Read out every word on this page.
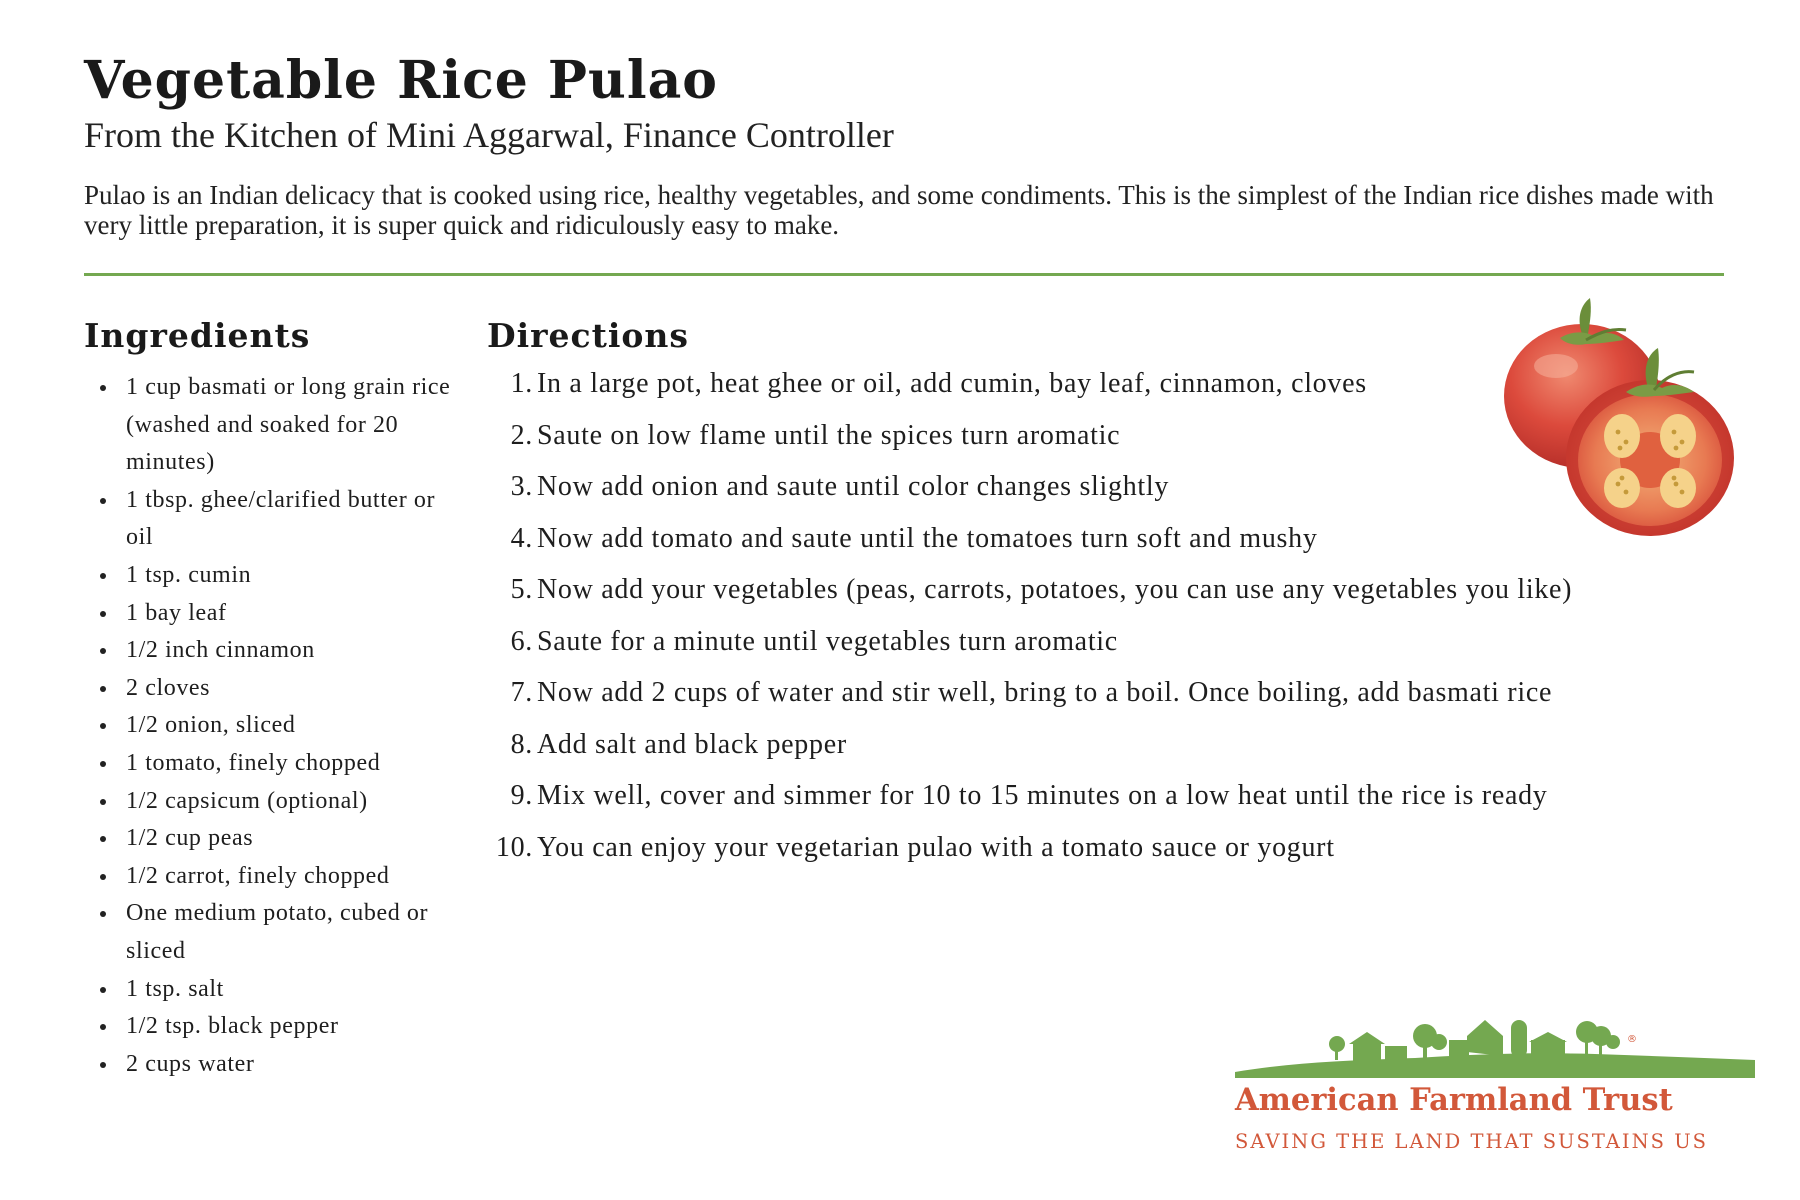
Vegetable Rice Pulao

From the Kitchen of Mini Aggarwal, Finance Controller

Pulao is an Indian delicacy that is cooked using rice, healthy vegetables, and some condiments. This is the simplest of the Indian rice dishes made with very little preparation, it is super quick and ridiculously easy to make.

Ingredients
1 cup basmati or long grain rice (washed and soaked for 20 minutes)
1 tbsp. ghee/clarified butter or oil
1 tsp. cumin
1 bay leaf
1/2 inch cinnamon
2 cloves
1/2 onion, sliced
1 tomato, finely chopped
1/2 capsicum (optional)
1/2 cup peas
1/2 carrot, finely chopped
One medium potato, cubed or sliced
1 tsp. salt
1/2 tsp. black pepper
2 cups water
Directions
1. In a large pot, heat ghee or oil, add cumin, bay leaf, cinnamon, cloves
2. Saute on low flame until the spices turn aromatic
3. Now add onion and saute until color changes slightly
4. Now add tomato and saute until the tomatoes turn soft and mushy
5. Now add your vegetables (peas, carrots, potatoes, you can use any vegetables you like)
6. Saute for a minute until vegetables turn aromatic
7. Now add 2 cups of water and stir well, bring to a boil. Once boiling, add basmati rice
8. Add salt and black pepper
9. Mix well, cover and simmer for 10 to 15 minutes on a low heat until the rice is ready
10. You can enjoy your vegetarian pulao with a tomato sauce or yogurt
®

American Farmland Trust

SAVING THE LAND THAT SUSTAINS US
